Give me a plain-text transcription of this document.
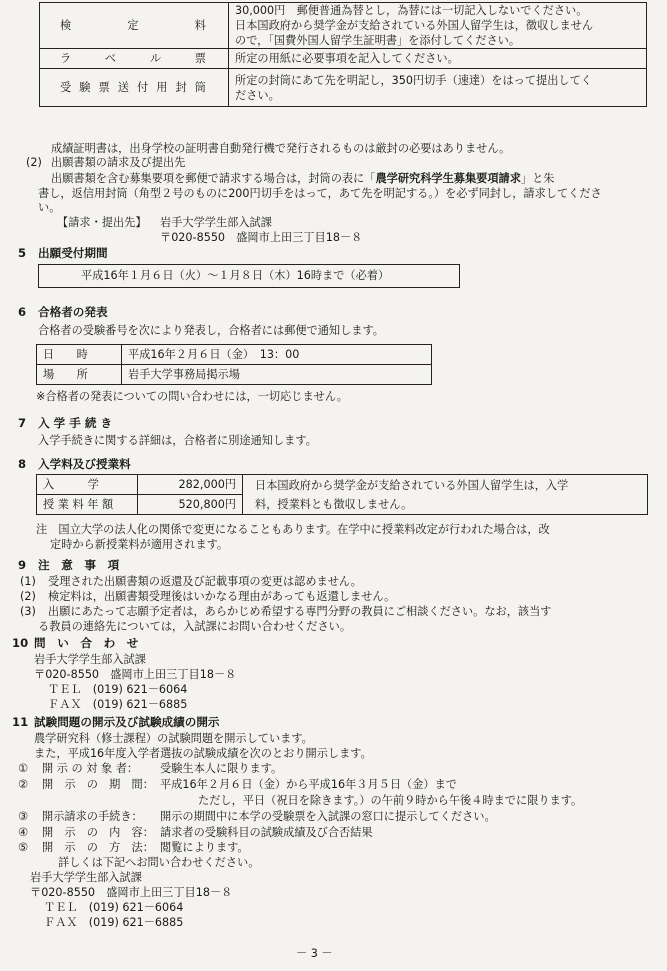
検　　　定　　　料	30,000円　郵便普通為替とし，為替には一切記入しないでください。
日本国政府から奨学金が支給されている外国人留学生は，徴収しません
ので，「国費外国人留学生証明書」を添付してください。

ラ　ベ　ル　票	所定の用紙に必要事項を記入してください。

受験票送付用封筒	所定の封筒にあて先を明記し，350円切手（速達）をはって提出してく
ださい。
成績証明書は，出身学校の証明書自動発行機で発行されるものは厳封の必要はありません。
(2) 出願書類の請求及び提出先
出願書類を含む募集要項を郵便で請求する場合は，封筒の表に「農学研究科学生募集要項請求」と朱
書し，返信用封筒（角型２号のものに200円切手をはって，あて先を明記する。）を必ず同封し，請求してくださ
い。
【請求・提出先】 岩手大学学生部入試課
〒020-8550　盛岡市上田三丁目18－８
5 出願受付期間
平成16年１月６日（火）～１月８日（木）16時まで（必着）
6 合格者の発表
合格者の受験番号を次により発表し，合格者には郵便で通知します。
日　　時	平成16年２月６日（金）　13：00
場　　所	岩手大学事務局掲示場
※合格者の発表についての問い合わせには，一切応じません。
7 入 学 手 続 き
入学手続きに関する詳細は，合格者に別途通知します。
8 入学料及び授業料
入　　　学	282,000円	日本国政府から奨学金が支給されている外国人留学生は，入学
料，授業料とも徴収しません。

授 業 料 年 額	520,800円	
注　国立大学の法人化の関係で変更になることもあります。在学中に授業料改定が行われた場合は，改
定時から新授業料が適用されます。
9 注　意　事　項
(1) 受理された出願書類の返還及び記載事項の変更は認めません。
(2) 検定料は，出願書類受理後はいかなる理由があっても返還しません。
(3) 出願にあたって志願予定者は，あらかじめ希望する専門分野の教員にご相談ください。なお，該当す
る教員の連絡先については，入試課にお問い合わせください。
10 問　い　合　わ　せ
岩手大学学生部入試課
〒020-8550　盛岡市上田三丁目18－８
ＴＥＬ　(019) 621－6064
ＦＡＸ　(019) 621－6885
11 試験問題の開示及び試験成績の開示
農学研究科（修士課程）の試験問題を開示しています。
また，平成16年度入学者選抜の試験成績を次のとおり開示します。
① 開 示 の 対 象 者：	受験生本人に限ります。
② 開　示　の　期　間： 平成16年２月６日（金）から平成16年３月５日（金）まで
ただし，平日（祝日を除きます。）の午前９時から午後４時までに限ります。
③ 開示請求の手続き：	開示の期間中に本学の受験票を入試課の窓口に提示してください。
④ 開　示　の　内　容： 請求者の受験科目の試験成績及び合否結果
⑤ 開　示　の　方　法： 閲覧によります。
詳しくは下記へお問い合わせください。
岩手大学学生部入試課
〒020-8550　盛岡市上田三丁目18－８
ＴＥＬ　(019) 621－6064
ＦＡＸ　(019) 621－6885
－ 3 －
